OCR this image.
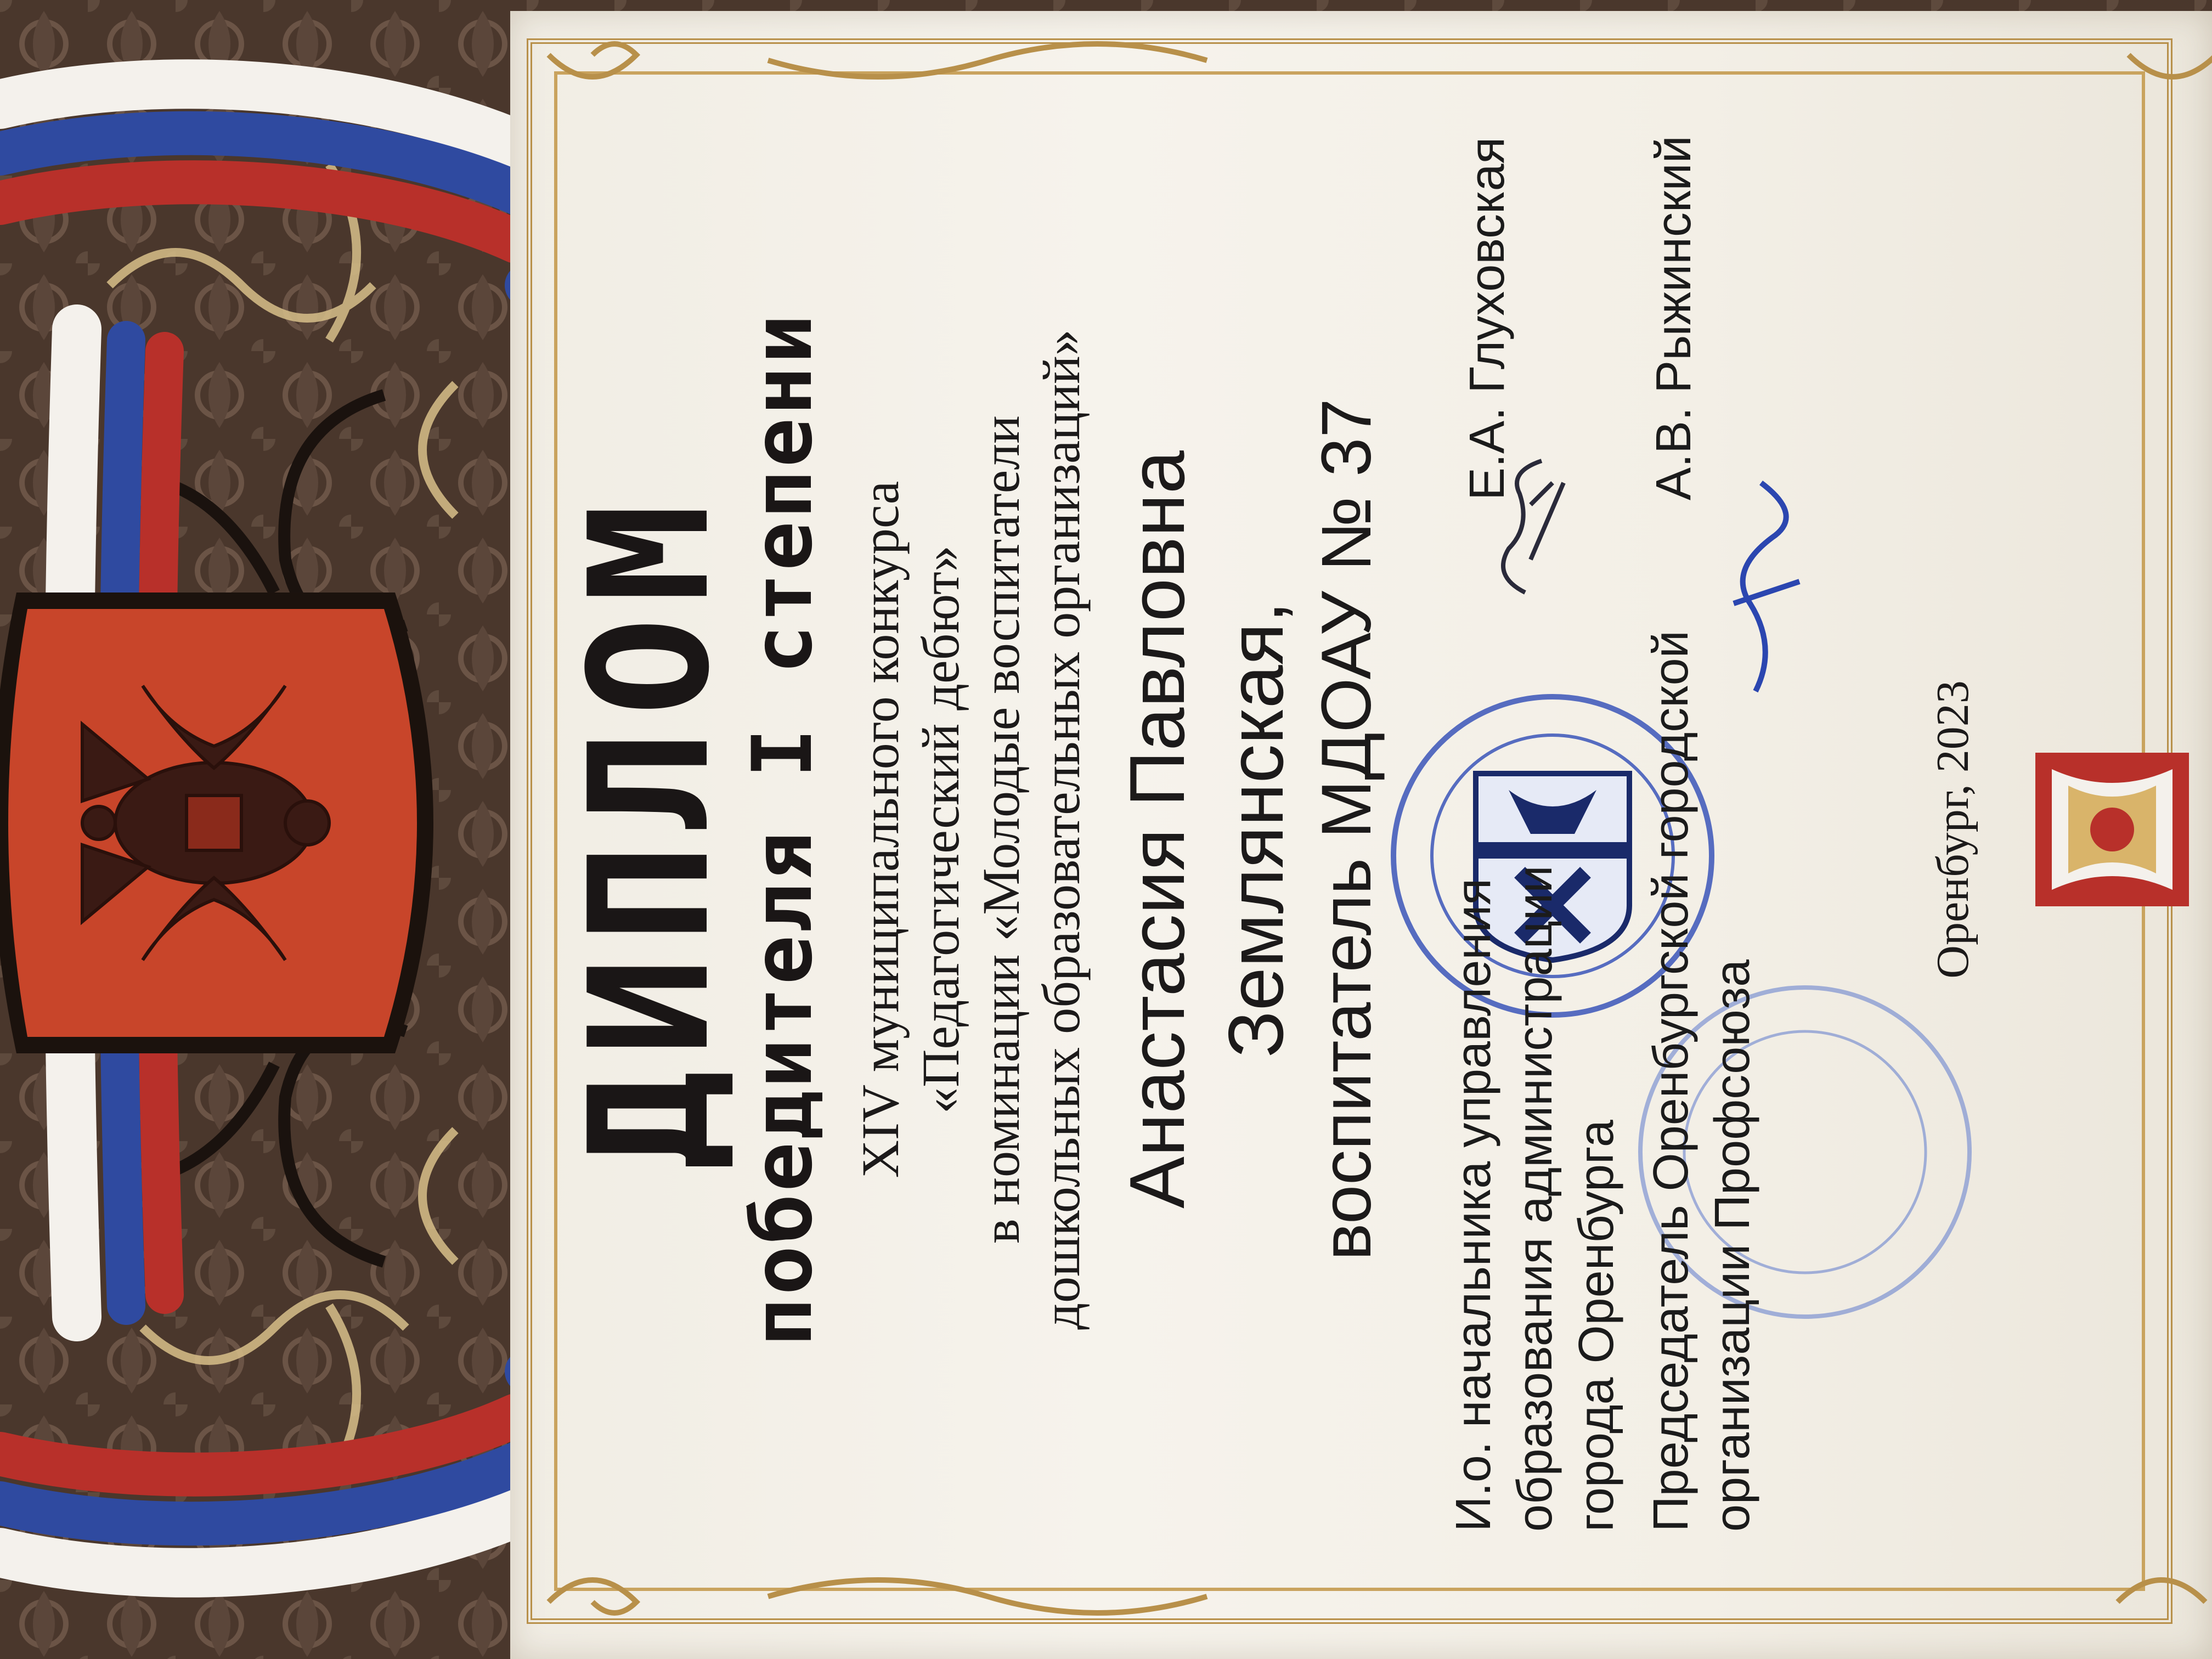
ДИПЛОМ
победителя I степени XIV муниципального конкурса «Педагогический дебют» в номинации «Молодые воспитатели дошкольных образовательных организаций» Анастасия Павловна Землянская, воспитатель МДОАУ № 37 И.о. начальника управления образования администрации города Оренбурга
Е.А. Глуховская
Председатель Оренбургской городской организации Профсоюза
А.В. Рыжинский
Оренбург, 2023
